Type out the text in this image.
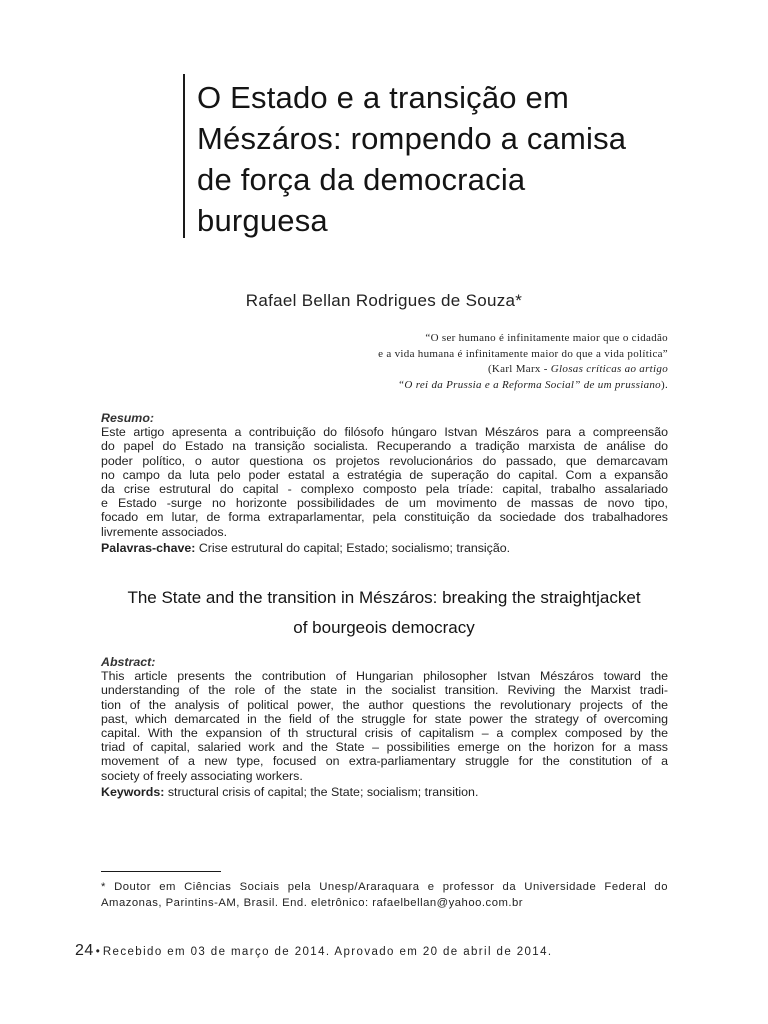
O Estado e a transição em
Mészáros: rompendo a camisa
de força da democracia
burguesa
Rafael Bellan Rodrigues de Souza*
“O ser humano é infinitamente maior que o cidadão
e a vida humana é infinitamente maior do que a vida política”
(Karl Marx - Glosas críticas ao artigo
“O rei da Prussia e a Reforma Social” de um prussiano).
Resumo:
Este artigo apresenta a contribuição do filósofo húngaro Istvan Mészáros para a compreensão
do papel do Estado na transição socialista. Recuperando a tradição marxista de análise do
poder político, o autor questiona os projetos revolucionários do passado, que demarcavam
no campo da luta pelo poder estatal a estratégia de superação do capital. Com a expansão
da crise estrutural do capital - complexo composto pela tríade: capital, trabalho assalariado
e Estado -surge no horizonte possibilidades de um movimento de massas de novo tipo,
focado em lutar, de forma extraparlamentar, pela constituição da sociedade dos trabalhadores
livremente associados.
Palavras-chave: Crise estrutural do capital; Estado; socialismo; transição.
The State and the transition in Mészáros: breaking the straightjacket
of bourgeois democracy
Abstract:
This article presents the contribution of Hungarian philosopher Istvan Mészáros toward the
understanding of the role of the state in the socialist transition. Reviving the Marxist tradi-
tion of the analysis of political power, the author questions the revolutionary projects of the
past, which demarcated in the field of the struggle for state power the strategy of overcoming
capital. With the expansion of th structural crisis of capitalism – a complex composed by the
triad of capital, salaried work and the State – possibilities emerge on the horizon for a mass
movement of a new type, focused on extra-parliamentary struggle for the constitution of a
society of freely associating workers.
Keywords: structural crisis of capital; the State; socialism; transition.
* Doutor em Ciências Sociais pela Unesp/Araraquara e professor da Universidade Federal do
Amazonas, Parintins-AM, Brasil. End. eletrônico: rafaelbellan@yahoo.com.br
24 • Recebido em 03 de março de 2014. Aprovado em 20 de abril de 2014.
